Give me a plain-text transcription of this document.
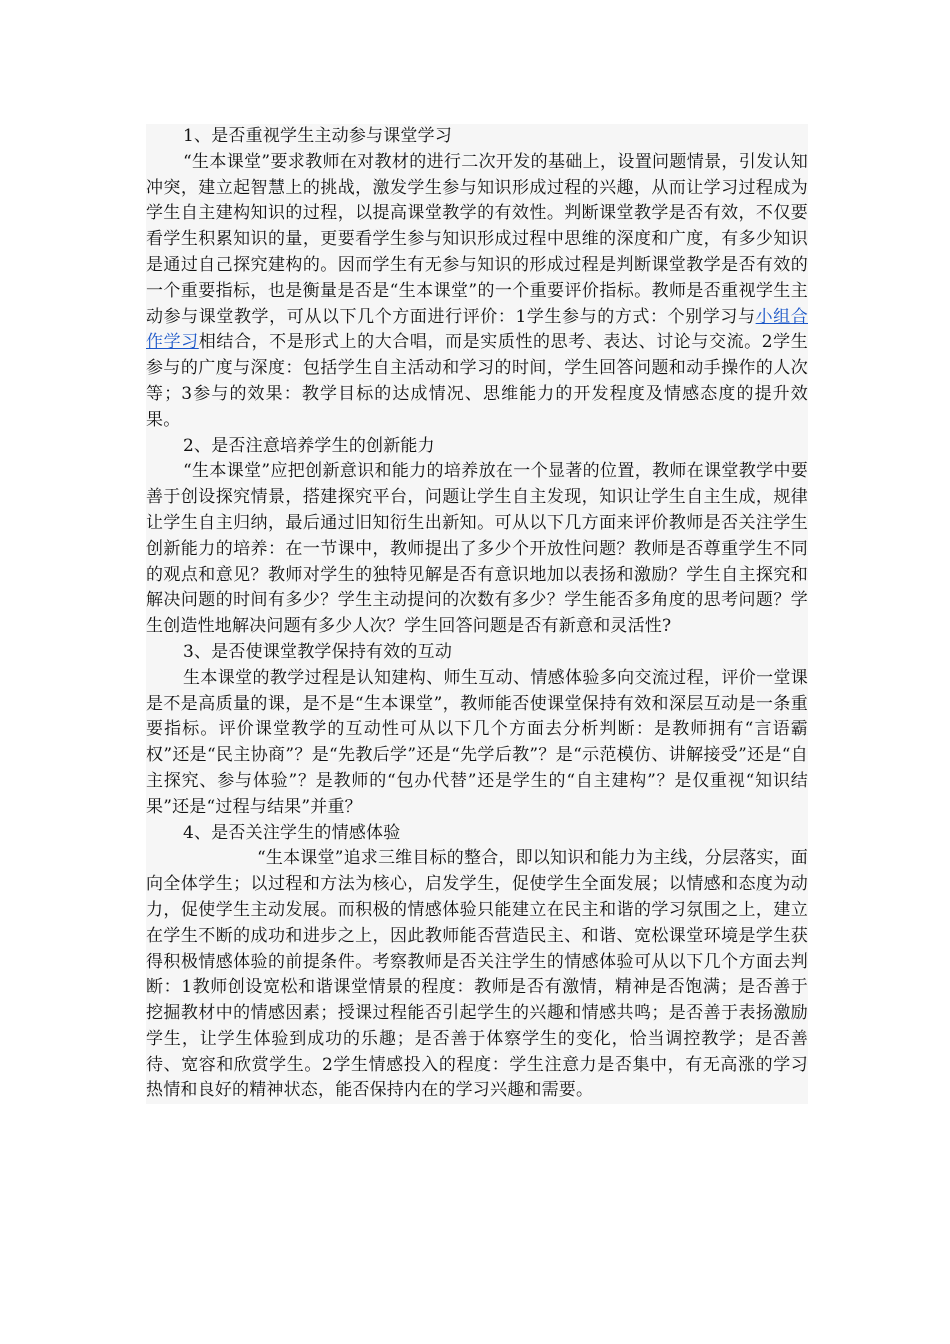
1、是否重视学生主动参与课堂学习

“生本课堂”要求教师在对教材的进行二次开发的基础上，设置问题情景，引发认知冲突，建立起智慧上的挑战，激发学生参与知识形成过程的兴趣，从而让学习过程成为学生自主建构知识的过程，以提高课堂教学的有效性。判断课堂教学是否有效，不仅要看学生积累知识的量，更要看学生参与知识形成过程中思维的深度和广度，有多少知识是通过自己探究建构的。因而学生有无参与知识的形成过程是判断课堂教学是否有效的一个重要指标，也是衡量是否是“生本课堂”的一个重要评价指标。教师是否重视学生主动参与课堂教学，可从以下几个方面进行评价：1学生参与的方式：个别学习与小组合作学习相结合，不是形式上的大合唱，而是实质性的思考、表达、讨论与交流。2学生参与的广度与深度：包括学生自主活动和学习的时间，学生回答问题和动手操作的人次等；3参与的效果：教学目标的达成情况、思维能力的开发程度及情感态度的提升效果。

2、是否注意培养学生的创新能力

“生本课堂”应把创新意识和能力的培养放在一个显著的位置，教师在课堂教学中要善于创设探究情景，搭建探究平台，问题让学生自主发现，知识让学生自主生成，规律让学生自主归纳，最后通过旧知衍生出新知。可从以下几方面来评价教师是否关注学生创新能力的培养：在一节课中，教师提出了多少个开放性问题？教师是否尊重学生不同的观点和意见？教师对学生的独特见解是否有意识地加以表扬和激励？学生自主探究和解决问题的时间有多少？学生主动提问的次数有多少？学生能否多角度的思考问题？学生创造性地解决问题有多少人次？学生回答问题是否有新意和灵活性?

3、是否使课堂教学保持有效的互动

生本课堂的教学过程是认知建构、师生互动、情感体验多向交流过程，评价一堂课是不是高质量的课，是不是“生本课堂”，教师能否使课堂保持有效和深层互动是一条重要指标。评价课堂教学的互动性可从以下几个方面去分析判断：是教师拥有“言语霸权”还是“民主协商”？是“先教后学”还是“先学后教”？是“示范模仿、讲解接受”还是“自主探究、参与体验”？是教师的“包办代替”还是学生的“自主建构”？是仅重视“知识结果”还是“过程与结果”并重？

4、是否关注学生的情感体验

“生本课堂”追求三维目标的整合，即以知识和能力为主线，分层落实，面向全体学生；以过程和方法为核心，启发学生，促使学生全面发展；以情感和态度为动力，促使学生主动发展。而积极的情感体验只能建立在民主和谐的学习氛围之上，建立在学生不断的成功和进步之上，因此教师能否营造民主、和谐、宽松课堂环境是学生获得积极情感体验的前提条件。考察教师是否关注学生的情感体验可从以下几个方面去判断：1教师创设宽松和谐课堂情景的程度：教师是否有激情，精神是否饱满；是否善于挖掘教材中的情感因素；授课过程能否引起学生的兴趣和情感共鸣；是否善于表扬激励学生，让学生体验到成功的乐趣；是否善于体察学生的变化，恰当调控教学；是否善待、宽容和欣赏学生。2学生情感投入的程度：学生注意力是否集中，有无高涨的学习热情和良好的精神状态，能否保持内在的学习兴趣和需要。
